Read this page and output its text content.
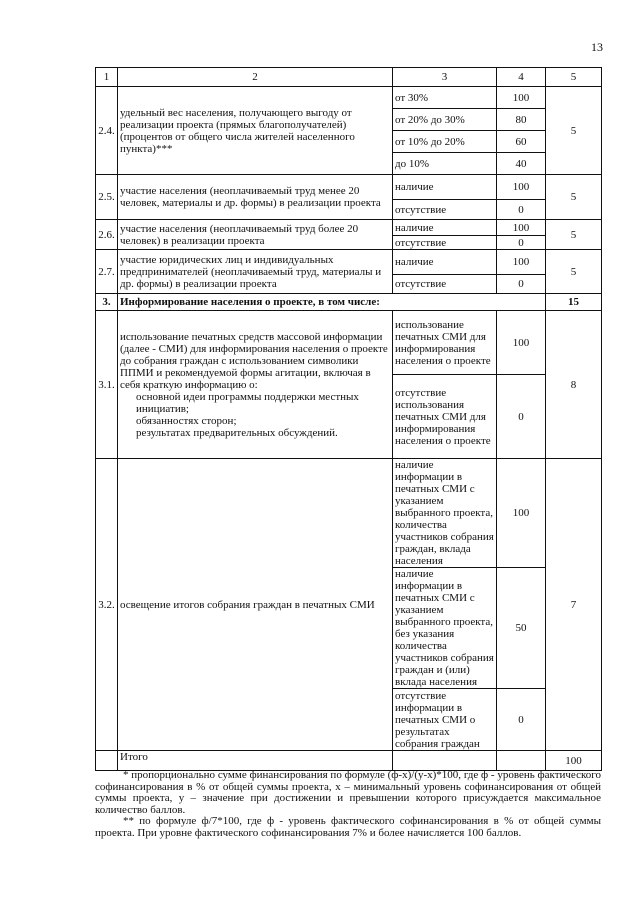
13
1	2	3	4	5
2.4.	удельный вес населения, получающего выгоду от реализации проекта (прямых благополучателей) (процентов от общего числа жителей населенного пункта)***	от 30%	100	5
		от 20% до 30%	80	
		от 10% до 20%	60	
		до 10%	40	
2.5.	участие населения (неоплачиваемый труд менее 20 человек, материалы и др. формы) в реализации проекта	наличие	100	5
		отсутствие	0	
2.6.	участие населения (неоплачиваемый труд более 20 человек) в реализации проекта	наличие	100	5
		отсутствие	0	
2.7.	участие юридических лиц и индивидуальных предпринимателей (неоплачиваемый труд, материалы и др. формы) в реализации проекта	наличие	100	5
		отсутствие	0	
3.	Информирование населения о проекте, в том числе:			15
3.1.	использование печатных средств массовой информации (далее - СМИ) для информирования населения о проекте до собрания граждан с использованием символики ППМИ и рекомендуемой формы агитации, включая в себя краткую информацию о:
основной идеи программы поддержки местных инициатив;
обязанностях сторон;
результатах предварительных обсуждений.	использование печатных СМИ для информирования населения о проекте	100	8
		отсутствие использования печатных СМИ для информирования населения о проекте	0	
3.2.	освещение итогов собрания граждан в печатных СМИ	наличие информации в печатных СМИ с указанием выбранного проекта, количества участников собрания граждан, вклада населения	100	7
		наличие информации в печатных СМИ с указанием выбранного проекта, без указания количества участников собрания граждан и (или) вклада населения	50	
		отсутствие информации в печатных СМИ о результатах собрания граждан	0	
	Итого			100

* пропорционально сумме финансирования по формуле (ф-х)/(у-х)*100, где ф - уровень фактического софинансирования в % от общей суммы проекта, х – минимальный уровень софинансирования от общей суммы проекта, у – значение при достижении и превышении которого присуждается максимальное количество баллов.

** по формуле ф/7*100, где ф - уровень фактического софинансирования в % от общей суммы проекта. При уровне фактического софинансирования 7% и более начисляется 100 баллов.
